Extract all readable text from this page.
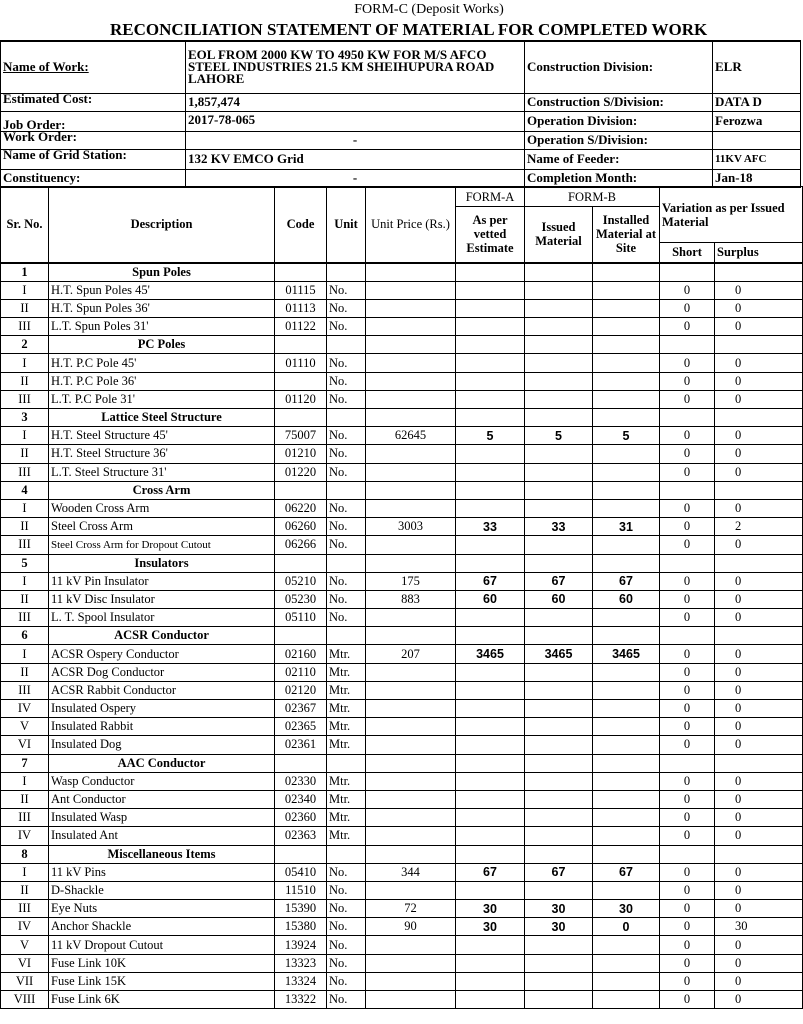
FORM-C (Deposit Works)
RECONCILIATION STATEMENT OF MATERIAL FOR COMPLETED WORK
Name of Work:	EOL FROM 2000 KW TO 4950 KW FOR M/S AFCO STEEL INDUSTRIES 21.5 KM SHEIHUPURA ROAD LAHORE	Construction Division:	ELR
Estimated Cost:	1,857,474	Construction S/Division:	DATA D
Job Order:	2017-78-065	Operation Division:	Ferozwa
Work Order:	-	Operation S/Division:	
Name of Grid Station:	132 KV EMCO Grid	Name of Feeder:	11KV AFC
Constituency:	-	Completion Month:	Jan-18
Sr. No.	Description	Code	Unit	Unit Price (Rs.)	FORM-A	FORM-B		Variation as per Issued Material	
					As per vetted Estimate	Issued Material	Installed Material at Site		
								Short	Surplus
1	Spun Poles								
I	H.T. Spun Poles 45'	01115	No.					0	0
II	H.T. Spun Poles 36'	01113	No.					0	0
III	L.T. Spun Poles 31'	01122	No.					0	0
2	PC Poles								
I	H.T. P.C Pole 45'	01110	No.					0	0
II	H.T. P.C Pole 36'		No.					0	0
III	L.T. P.C Pole 31'	01120	No.					0	0
3	Lattice Steel Structure								
I	H.T. Steel Structure 45'	75007	No.	62645	5	5	5	0	0
II	H.T. Steel Structure 36'	01210	No.					0	0
III	L.T. Steel Structure 31'	01220	No.					0	0
4	Cross Arm								
I	Wooden Cross Arm	06220	No.					0	0
II	Steel Cross Arm	06260	No.	3003	33	33	31	0	2
III	Steel Cross Arm for Dropout Cutout	06266	No.					0	0
5	Insulators								
I	11 kV Pin Insulator	05210	No.	175	67	67	67	0	0
II	11 kV Disc Insulator	05230	No.	883	60	60	60	0	0
III	L. T. Spool Insulator	05110	No.					0	0
6	ACSR Conductor								
I	ACSR Ospery Conductor	02160	Mtr.	207	3465	3465	3465	0	0
II	ACSR Dog Conductor	02110	Mtr.					0	0
III	ACSR Rabbit Conductor	02120	Mtr.					0	0
IV	Insulated Ospery	02367	Mtr.					0	0
V	Insulated Rabbit	02365	Mtr.					0	0
VI	Insulated Dog	02361	Mtr.					0	0
7	AAC Conductor								
I	Wasp Conductor	02330	Mtr.					0	0
II	Ant Conductor	02340	Mtr.					0	0
III	Insulated Wasp	02360	Mtr.					0	0
IV	Insulated Ant	02363	Mtr.					0	0
8	Miscellaneous Items								
I	11 kV Pins	05410	No.	344	67	67	67	0	0
II	D-Shackle	11510	No.					0	0
III	Eye Nuts	15390	No.	72	30	30	30	0	0
IV	Anchor Shackle	15380	No.	90	30	30	0	0	30
V	11 kV Dropout Cutout	13924	No.					0	0
VI	Fuse Link 10K	13323	No.					0	0
VII	Fuse Link 15K	13324	No.					0	0
VIII	Fuse Link 6K	13322	No.					0	0
